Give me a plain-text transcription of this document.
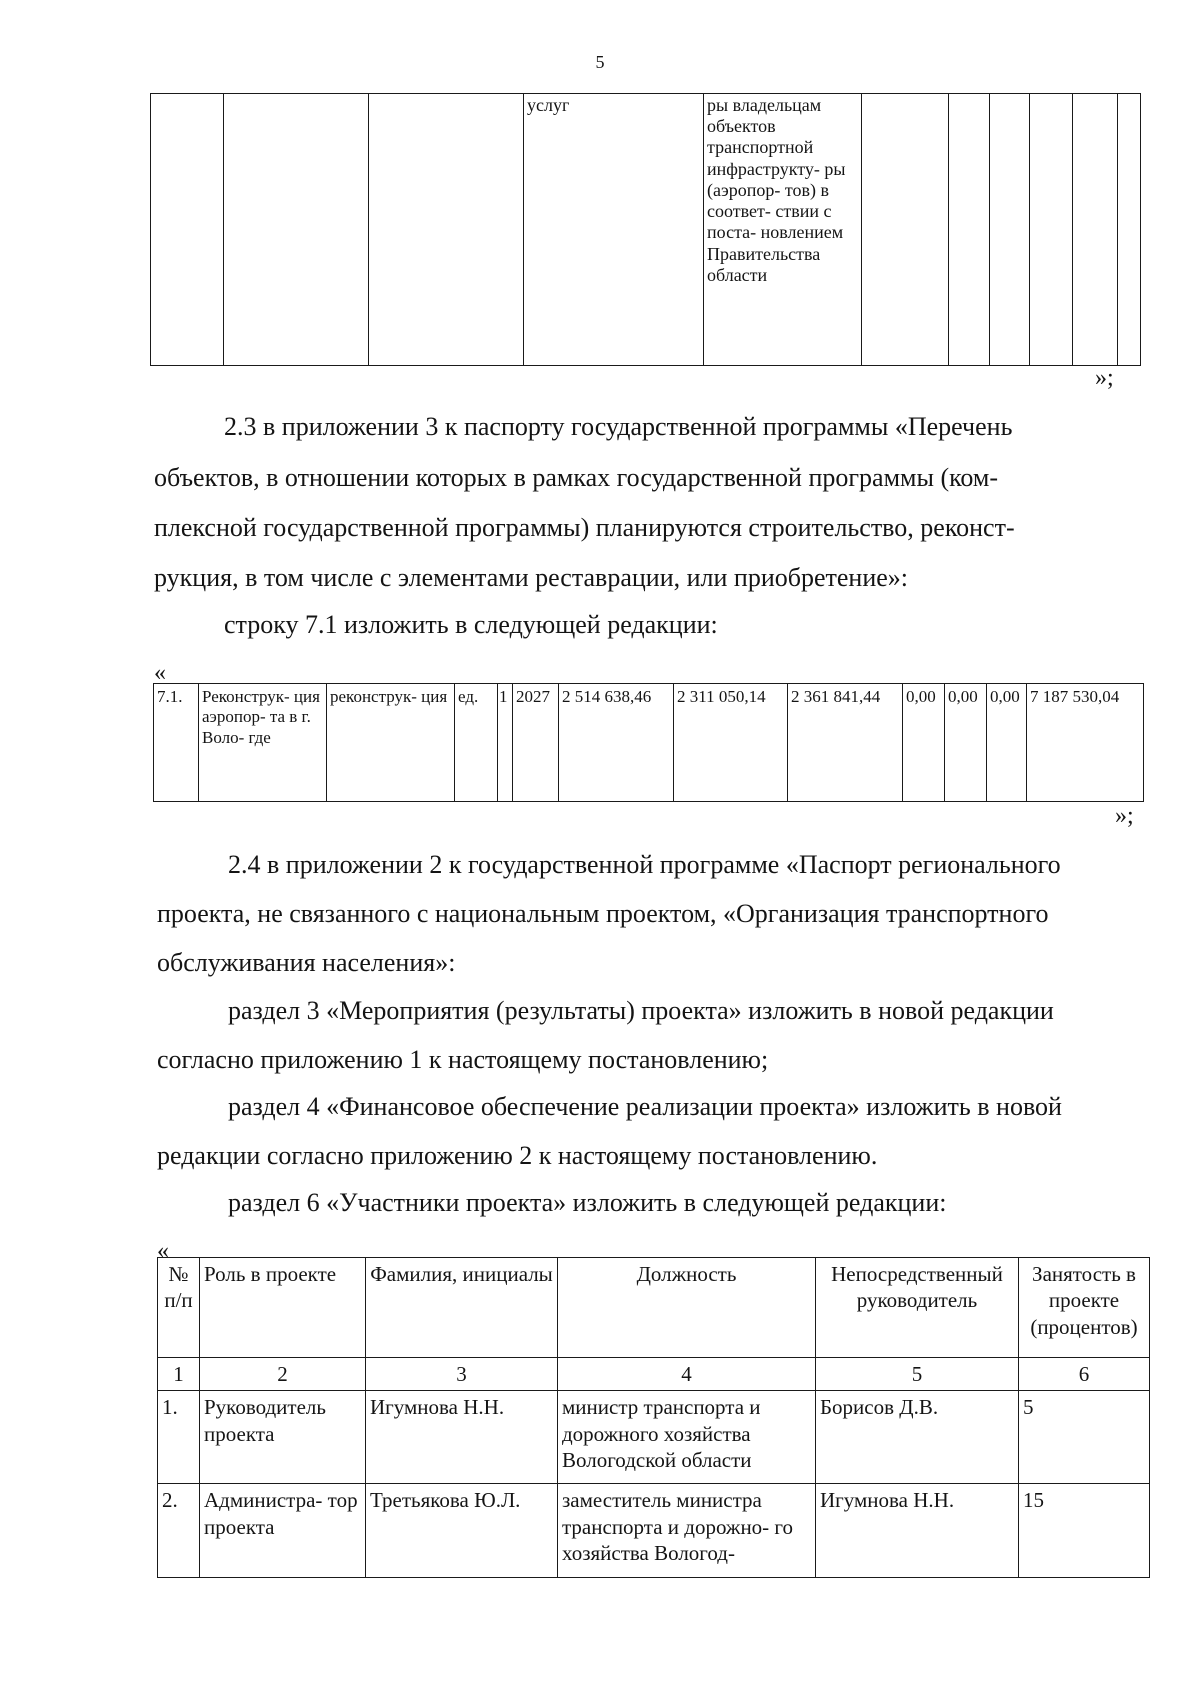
5
			услуг	ры владельцам объектов транспортной инфраструкту- ры (аэропор- тов) в соответ- ствии с поста- новлением Правительства области						
»;
2.3 в приложении 3 к паспорту государственной программы «Перечень
объектов, в отношении которых в рамках государственной программы (ком-
плексной государственной программы) планируются строительство, реконст-
рукция, в том числе с элементами реставрации, или приобретение»:
строку 7.1 изложить в следующей редакции:
«
7.1.	Реконструк- ция аэропор- та в г. Воло- где	реконструк- ция	ед.	1	2027	2 514 638,46	2 311 050,14	2 361 841,44	0,00	0,00	0,00	7 187 530,04
»;
2.4 в приложении 2 к государственной программе «Паспорт регионального
проекта, не связанного с национальным проектом, «Организация транспортного
обслуживания населения»:
раздел 3 «Мероприятия (результаты) проекта» изложить в новой редакции
согласно приложению 1 к настоящему постановлению;
раздел 4 «Финансовое обеспечение реализации проекта» изложить в новой
редакции согласно приложению 2 к настоящему постановлению.
раздел 6 «Участники проекта» изложить в следующей редакции:
«
№ п/п	Роль в проекте	Фамилия, инициалы	Должность	Непосредственный руководитель	Занятость в проекте (процентов)
1	2	3	4	5	6
1.	Руководитель проекта	Игумнова Н.Н.	министр транспорта и дорожного хозяйства Вологодской области	Борисов Д.В.	5
2.	Администра- тор проекта	Третьякова Ю.Л.	заместитель министра транспорта и дорожно- го хозяйства Вологод-	Игумнова Н.Н.	15
